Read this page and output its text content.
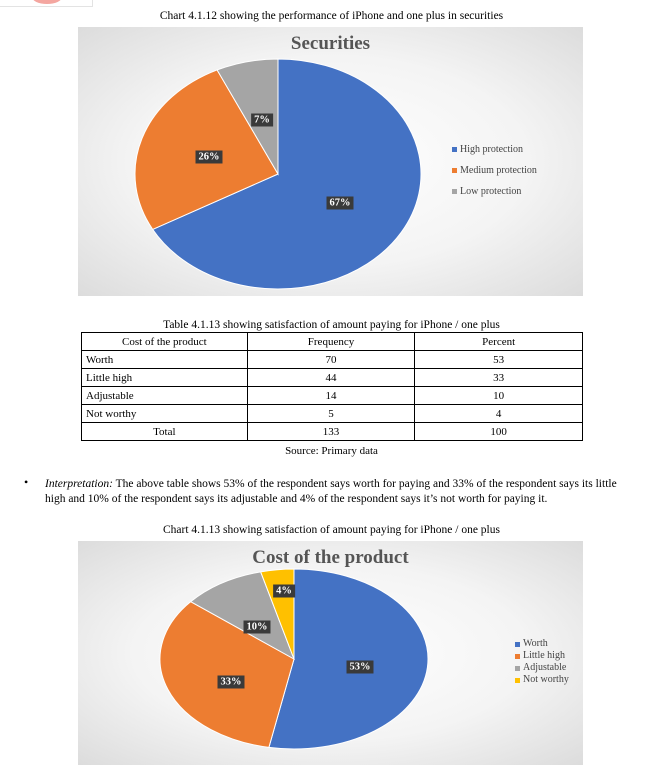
Chart 4.1.12 showing the performance of iPhone and one plus in securities
Securities
67%
26%
7%
High protection
Medium protection
Low protection
Table 4.1.13 showing satisfaction of amount paying for iPhone / one plus
Cost of the product	Frequency	Percent
Worth	70	53
Little high	44	33
Adjustable	14	10
Not worthy	5	4
Total	133	100
Source: Primary data
• Interpretation: The above table shows 53% of the respondent says worth for paying and 33% of the respondent says its little high and 10% of the respondent says its adjustable and 4% of the respondent says it’s not worth for paying it.
Chart 4.1.13 showing satisfaction of amount paying for iPhone / one plus
Cost of the product
53%
33%
10%
4%
Worth
Little high
Adjustable
Not worthy
